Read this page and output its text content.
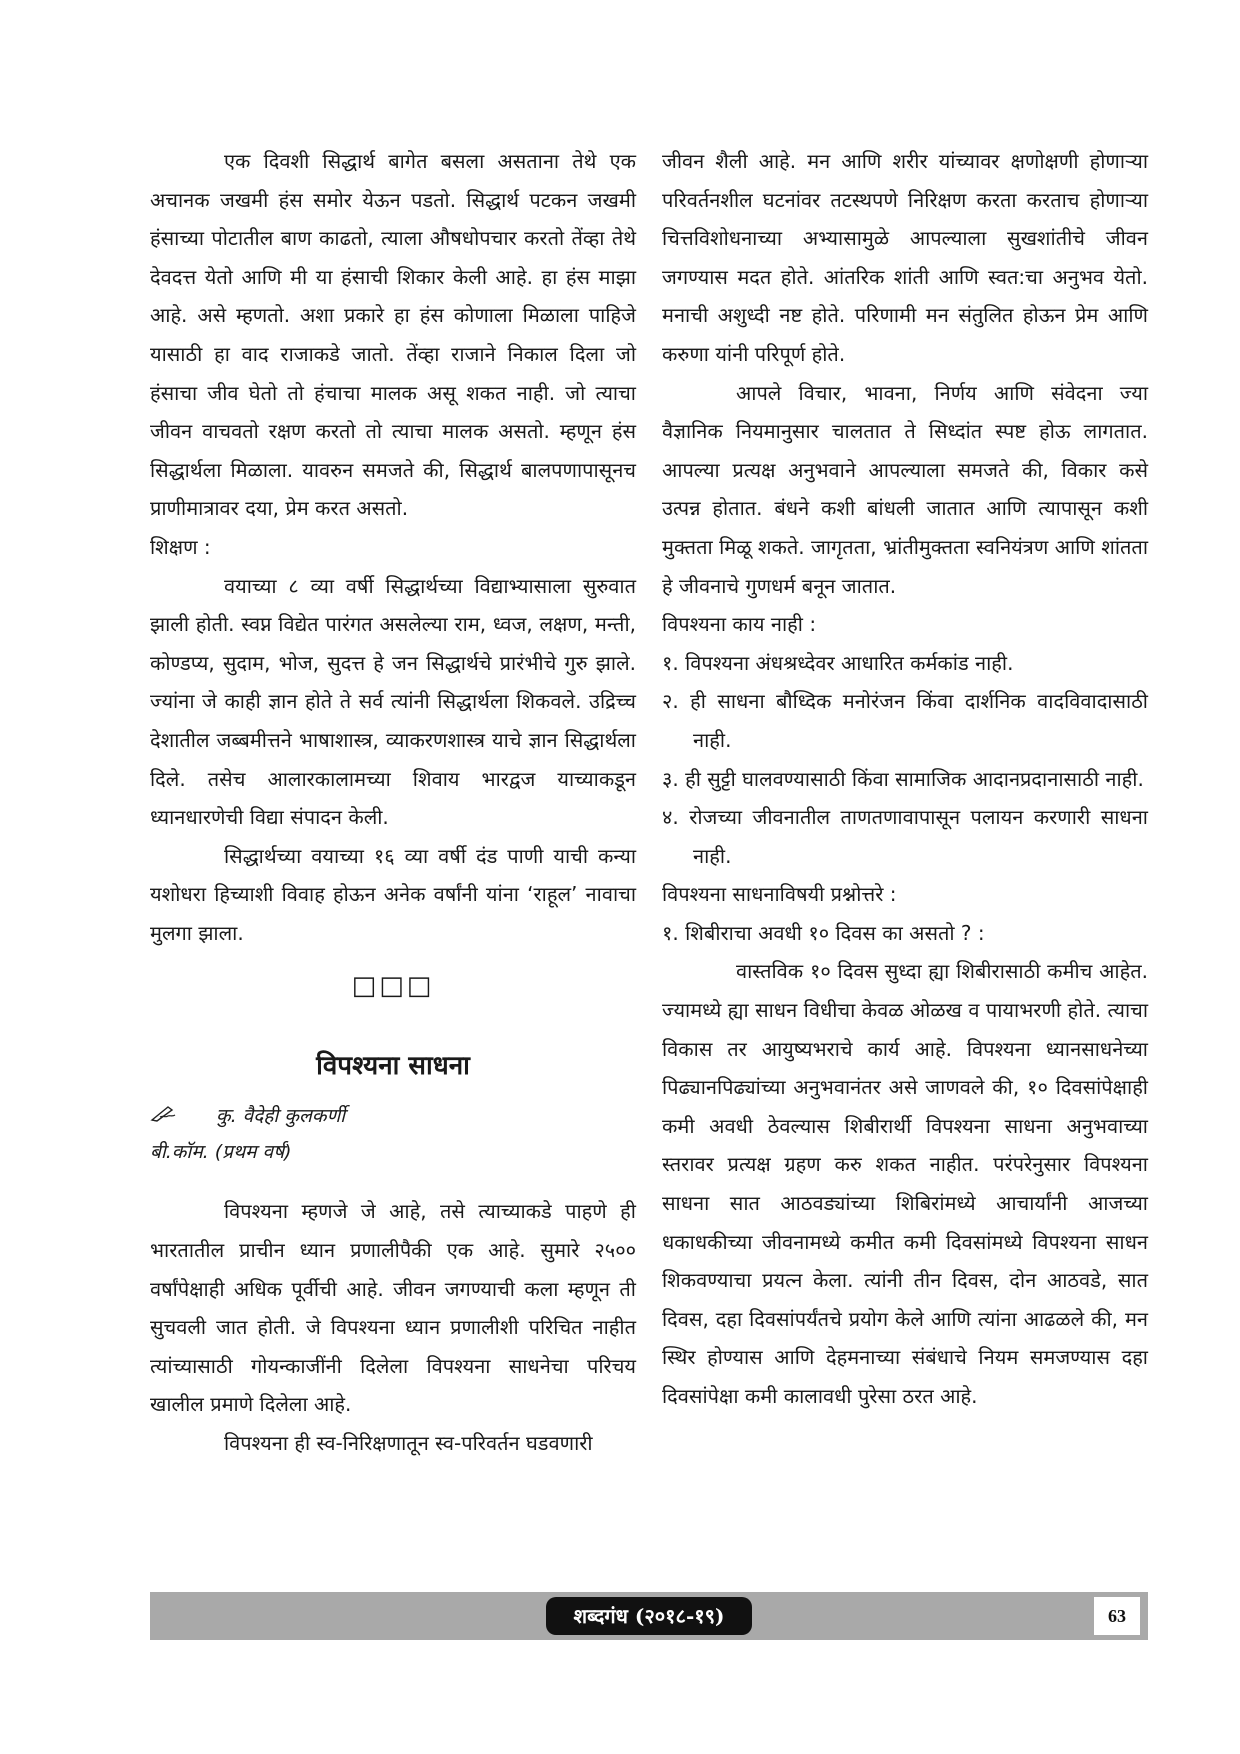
एक दिवशी सिद्धार्थ बागेत बसला असताना तेथे एक अचानक जखमी हंस समोर येऊन पडतो. सिद्धार्थ पटकन जखमी हंसाच्या पोटातील बाण काढतो, त्याला औषधोपचार करतो तेंव्हा तेथे देवदत्त येतो आणि मी या हंसाची शिकार केली आहे. हा हंस माझा आहे. असे म्हणतो. अशा प्रकारे हा हंस कोणाला मिळाला पाहिजे यासाठी हा वाद राजाकडे जातो. तेंव्हा राजाने निकाल दिला जो हंसाचा जीव घेतो तो हंचाचा मालक असू शकत नाही. जो त्याचा जीवन वाचवतो रक्षण करतो तो त्याचा मालक असतो. म्हणून हंस सिद्धार्थला मिळाला. यावरुन समजते की, सिद्धार्थ बालपणापासूनच प्राणीमात्रावर दया, प्रेम करत असतो.

शिक्षण :

वयाच्या ८ व्या वर्षी सिद्धार्थच्या विद्याभ्यासाला सुरुवात झाली होती. स्वप्न विद्येत पारंगत असलेल्या राम, ध्वज, लक्षण, मन्ती, कोण्डप्य, सुदाम, भोज, सुदत्त हे जन सिद्धार्थचे प्रारंभीचे गुरु झाले. ज्यांना जे काही ज्ञान होते ते सर्व त्यांनी सिद्धार्थला शिकवले. उद्रिच्च देशातील जब्बमीत्तने भाषाशास्त्र, व्याकरणशास्त्र याचे ज्ञान सिद्धार्थला दिले. तसेच आलारकालामच्या शिवाय भारद्वज याच्याकडून ध्यानधारणेची विद्या संपादन केली.

सिद्धार्थच्या वयाच्या १६ व्या वर्षी दंड पाणी याची कन्या यशोधरा हिच्याशी विवाह होऊन अनेक वर्षांनी यांना ‘राहूल’ नावाचा मुलगा झाला.

□□□
विपश्यना साधना

कु. वैदेही कुलकर्णी

बी.कॉम. (प्रथम वर्ष)

विपश्यना म्हणजे जे आहे, तसे त्याच्याकडे पाहणे ही भारतातील प्राचीन ध्यान प्रणालीपैकी एक आहे. सुमारे २५०० वर्षांपेक्षाही अधिक पूर्वीची आहे. जीवन जगण्याची कला म्हणून ती सुचवली जात होती. जे विपश्यना ध्यान प्रणालीशी परिचित नाहीत त्यांच्यासाठी गोयन्काजींनी दिलेला विपश्यना साधनेचा परिचय खालील प्रमाणे दिलेला आहे.

विपश्यना ही स्व-निरिक्षणातून स्व-परिवर्तन घडवणारी

जीवन शैली आहे. मन आणि शरीर यांच्यावर क्षणोक्षणी होणाऱ्या परिवर्तनशील घटनांवर तटस्थपणे निरिक्षण करता करताच होणाऱ्या चित्तविशोधनाच्या अभ्यासामुळे आपल्याला सुखशांतीचे जीवन जगण्यास मदत होते. आंतरिक शांती आणि स्वत:चा अनुभव येतो. मनाची अशुध्दी नष्ट होते. परिणामी मन संतुलित होऊन प्रेम आणि करुणा यांनी परिपूर्ण होते.

आपले विचार, भावना, निर्णय आणि संवेदना ज्या वैज्ञानिक नियमानुसार चालतात ते सिध्दांत स्पष्ट होऊ लागतात. आपल्या प्रत्यक्ष अनुभवाने आपल्याला समजते की, विकार कसे उत्पन्न होतात. बंधने कशी बांधली जातात आणि त्यापासून कशी मुक्तता मिळू शकते. जागृतता, भ्रांतीमुक्तता स्वनियंत्रण आणि शांतता हे जीवनाचे गुणधर्म बनून जातात.

विपश्यना काय नाही :

१. विपश्यना अंधश्रध्देवर आधारित कर्मकांड नाही.

२. ही साधना बौध्दिक मनोरंजन किंवा दार्शनिक वादविवादासाठी नाही.

३. ही सुट्टी घालवण्यासाठी किंवा सामाजिक आदानप्रदानासाठी नाही.

४. रोजच्या जीवनातील ताणतणावापासून पलायन करणारी साधना नाही.

विपश्यना साधनाविषयी प्रश्नोत्तरे :

१. शिबीराचा अवधी १० दिवस का असतो ? :

वास्तविक १० दिवस सुध्दा ह्या शिबीरासाठी कमीच आहेत. ज्यामध्ये ह्या साधन विधीचा केवळ ओळख व पायाभरणी होते. त्याचा विकास तर आयुष्यभराचे कार्य आहे. विपश्यना ध्यानसाधनेच्या पिढ्यानपिढ्यांच्या अनुभवानंतर असे जाणवले की, १० दिवसांपेक्षाही कमी अवधी ठेवल्यास शिबीरार्थी विपश्यना साधना अनुभवाच्या स्तरावर प्रत्यक्ष ग्रहण करु शकत नाहीत. परंपरेनुसार विपश्यना साधना सात आठवड्यांच्या शिबिरांमध्ये आचार्यांनी आजच्या धकाधकीच्या जीवनामध्ये कमीत कमी दिवसांमध्ये विपश्यना साधन शिकवण्याचा प्रयत्न केला. त्यांनी तीन दिवस, दोन आठवडे, सात दिवस, दहा दिवसांपर्यंतचे प्रयोग केले आणि त्यांना आढळले की, मन स्थिर होण्यास आणि देहमनाच्या संबंधाचे नियम समजण्यास दहा दिवसांपेक्षा कमी कालावधी पुरेसा ठरत आहे.

शब्दगंध (२०१८-१९)	63
